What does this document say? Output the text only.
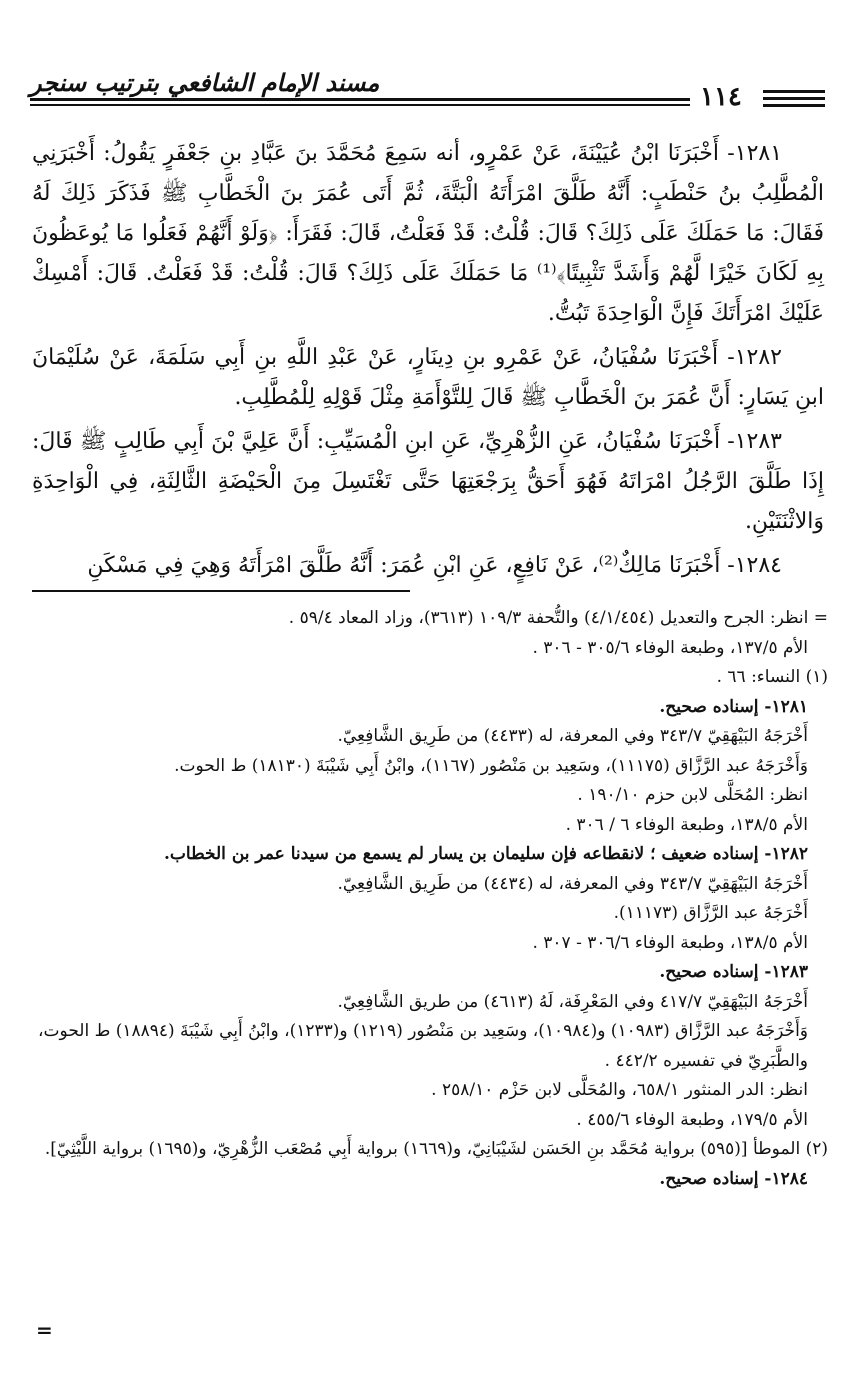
مسند الإمام الشافعي بترتيب سنجر	١١٤

١٢٨١- أَخْبَرَنَا ابْنُ عُيَيْنَةَ، عَنْ عَمْرٍو، أنه سَمِعَ مُحَمَّدَ بنَ عَبَّادِ بنِ جَعْفَرٍ يَقُولُ: أَخْبَرَنِي الْمُطَّلِبُ بنُ حَنْطَبٍ: أَنَّهُ طَلَّقَ امْرَأَتَهُ الْبَتَّةَ، ثُمَّ أَتَى عُمَرَ بنَ الْخَطَّابِ ﷺ فَذَكَرَ ذَلِكَ لَهُ فَقَالَ: مَا حَمَلَكَ عَلَى ذَلِكَ؟ قَالَ: قُلْتُ: قَدْ فَعَلْتُ، قَالَ: فَقَرَأَ: ﴿وَلَوْ أَنَّهُمْ فَعَلُوا مَا يُوعَظُونَ بِهِ لَكَانَ خَيْرًا لَّهُمْ وَأَشَدَّ تَثْبِيتًا﴾⁽¹⁾ مَا حَمَلَكَ عَلَى ذَلِكَ؟ قَالَ: قُلْتُ: قَدْ فَعَلْتُ. قَالَ: أَمْسِكْ عَلَيْكَ امْرَأَتَكَ فَإِنَّ الْوَاحِدَةَ تَبُتُّ.

١٢٨٢- أَخْبَرَنَا سُفْيَانُ، عَنْ عَمْرِو بنِ دِينَارٍ، عَنْ عَبْدِ اللَّهِ بنِ أَبِي سَلَمَةَ، عَنْ سُلَيْمَانَ ابنِ يَسَارٍ: أَنَّ عُمَرَ بنَ الْخَطَّابِ ﷺ قَالَ لِلتَّوْأَمَةِ مِثْلَ قَوْلِهِ لِلْمُطَّلِبِ.

١٢٨٣- أَخْبَرَنَا سُفْيَانُ، عَنِ الزُّهْرِيِّ، عَنِ ابنِ الْمُسَيِّبِ: أَنَّ عَلِيَّ بْنَ أَبِي طَالِبٍ ﷺ قَالَ: إِذَا طَلَّقَ الرَّجُلُ امْرَاتَهُ فَهُوَ أَحَقُّ بِرَجْعَتِهَا حَتَّى تَغْتَسِلَ مِنَ الْحَيْضَةِ الثَّالِثَةِ، فِي الْوَاحِدَةِ وَالاثْنَتَيْنِ.

١٢٨٤- أَخْبَرَنَا مَالِكٌ⁽²⁾، عَنْ نَافِعٍ، عَنِ ابْنِ عُمَرَ: أَنَّهُ طَلَّقَ امْرَأَتَهُ وَهِيَ فِي مَسْكَنِ

= انظر: الجرح والتعديل (٤/١/٤٥٤) والتُّحفة ١٠٩/٣ (٣٦١٣)، وزاد المعاد ٥٩/٤ .

الأم ١٣٧/٥، وطبعة الوفاء ٣٠٥/٦ - ٣٠٦ .

(١) النساء: ٦٦ .

١٢٨١- إسناده صحيح.

أَخْرَجَهُ البَيْهَقِيّ ٣٤٣/٧ وفي المعرفة، له (٤٤٣٣) من طَرِيق الشَّافِعِيّ.

وَأَخْرَجَهُ عبد الرَّزَّاق (١١١٧٥)، وسَعِيد بن مَنْصُور (١١٦٧)، وابْنُ أَبِي شَيْبَةَ (١٨١٣٠) ط الحوت.

انظر: المُحَلَّى لابن حزم ١٩٠/١٠ .

الأم ١٣٨/٥، وطبعة الوفاء ٦ / ٣٠٦ .

١٢٨٢- إسناده ضعيف ؛ لانقطاعه فإن سليمان بن يسار لم يسمع من سيدنا عمر بن الخطاب.

أَخْرَجَهُ البَيْهَقِيّ ٣٤٣/٧ وفي المعرفة، له (٤٤٣٤) من طَرِيق الشَّافِعِيّ.

أَخْرَجَهُ عبد الرَّزَّاق (١١١٧٣).

الأم ١٣٨/٥، وطبعة الوفاء ٣٠٦/٦ - ٣٠٧ .

١٢٨٣- إسناده صحيح.

أَخْرَجَهُ البَيْهَقِيّ ٤١٧/٧ وفي المَعْرِفَة، لَهُ (٤٦١٣) من طريق الشَّافِعِيّ.

وَأَخْرَجَهُ عبد الرَّزَّاق (١٠٩٨٣) و(١٠٩٨٤)، وسَعِيد بن مَنْصُور (١٢١٩) و(١٢٣٣)، وابْنُ أَبِي شَيْبَةَ (١٨٨٩٤) ط الحوت، والطَّبَرِيّ في تفسيره ٤٤٢/٢ .

انظر: الدر المنثور ٦٥٨/١، والمُحَلَّى لابن حَزْم ٢٥٨/١٠ .

الأم ١٧٩/٥، وطبعة الوفاء ٤٥٥/٦ .

(٢) الموطأ [(٥٩٥) برواية مُحَمَّد بنِ الحَسَن لشَيْبَانِيّ، و(١٦٦٩) برواية أَبِي مُصْعَب الزُّهْرِيّ، و(١٦٩٥) برواية اللَّيْثِيّ].

١٢٨٤- إسناده صحيح.

=
